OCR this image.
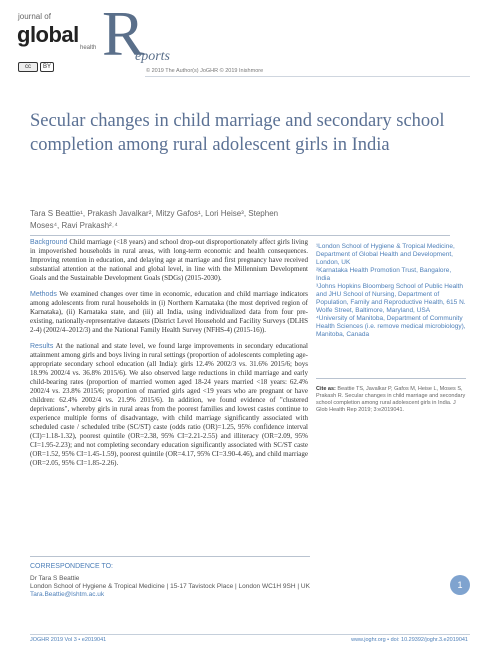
journal of
global
health R
eports
cc	BY
© 2019 The Author(s) JoGHR © 2019 Inishmore
Secular changes in child marriage and secondary school completion among rural adolescent girls in India
Tara S Beattie¹, Prakash Javalkar², Mitzy Gafos¹, Lori Heise³, Stephen Moses⁴, Ravi Prakash²˒⁴

Background Child marriage (<18 years) and school drop-out disproportionately affect girls living in impoverished households in rural areas, with long-term economic and health consequences. Improving retention in education, and delaying age at marriage and first pregnancy have received substantial attention at the national and global level, in line with the Millennium Development Goals and the Sustainable Development Goals (SDGs) (2015-2030).

Methods We examined changes over time in economic, education and child marriage indicators among adolescents from rural households in (i) Northern Karnataka (the most deprived region of Karnataka), (ii) Karnataka state, and (iii) all India, using individualized data from four pre-existing, nationally-representative datasets (District Level Household and Facility Surveys (DLHS 2-4) (2002/4–2012/3) and the National Family Health Survey (NFHS-4) (2015-16)).

Results At the national and state level, we found large improvements in secondary educational attainment among girls and boys living in rural settings (proportion of adolescents completing age-appropriate secondary school education (all India): girls 12.4% 2002/3 vs. 31.6% 2015/6; boys 18.9% 2002/4 vs. 36.8% 2015/6). We also observed large reductions in child marriage and early child-bearing rates (proportion of married women aged 18-24 years married <18 years: 62.4% 2002/4 vs. 23.8% 2015/6; proportion of married girls aged <19 years who are pregnant or have children: 62.4% 2002/4 vs. 21.9% 2015/6). In addition, we found evidence of "clustered deprivations", whereby girls in rural areas from the poorest families and lowest castes continue to experience multiple forms of disadvantage, with child marriage significantly associated with scheduled caste / scheduled tribe (SC/ST) caste (odds ratio (OR)=1.25, 95% confidence interval (CI)=1.18-1.32), poorest quintile (OR=2.38, 95% CI=2.21-2.55) and illiteracy (OR=2.09, 95% CI=1.95-2.23); and not completing secondary education significantly associated with SC/ST caste (OR=1.52, 95% CI=1.45-1.59), poorest quintile (OR=4.17, 95% CI=3.90-4.46), and child marriage (OR=2.05, 95% CI=1.85-2.26).

¹London School of Hygiene & Tropical Medicine, Department of Global Health and Development, London, UK
²Karnataka Health Promotion Trust, Bangalore, India
³Johns Hopkins Bloomberg School of Public Health and JHU School of Nursing, Department of Population, Family and Reproductive Health, 615 N. Wolfe Street, Baltimore, Maryland, USA
⁴University of Manitoba, Department of Community Health Sciences (i.e. remove medical microbiology), Manitoba, Canada
Cite as: Beattie TS, Javalkar P, Gafos M, Heise L, Moses S, Prakash R. Secular changes in child marriage and secondary school completion among rural adolescent girls in India. J Glob Health Rep 2019; 3:e2019041.
CORRESPONDENCE TO:
Dr Tara S Beattie
London School of Hygiene & Tropical Medicine | 15-17 Tavistock Place | London WC1H 9SH | UK
Tara.Beattie@lshtm.ac.uk
1
JOGHR 2019 Vol 3 • e2019041	www.joghr.org • doi: 10.29392/joghr.3.e2019041
